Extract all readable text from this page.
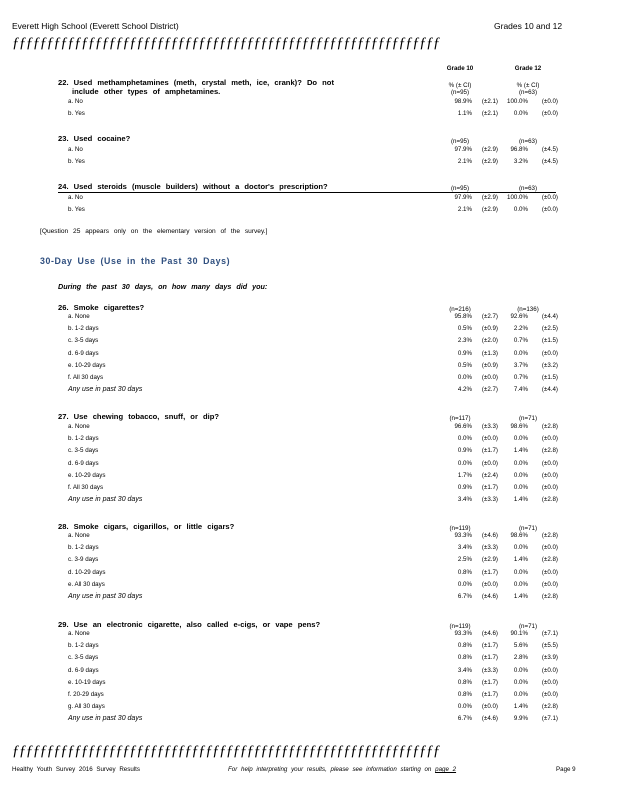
Everett High School (Everett School District)	Grades 10 and 12
ƒƒƒƒƒƒƒƒƒƒƒƒƒƒƒƒƒƒƒƒƒƒƒƒƒƒƒƒƒƒƒƒƒƒƒƒƒƒƒƒƒƒƒƒƒƒƒƒƒƒƒƒƒƒƒƒƒƒƒƒƒƒ
Grade 10	Grade 12
22. Used methamphetamines (meth, crystal meth, ice, crank)? Do not
include other types of amphetamines.
% (± CI)	% (± CI)
(n=95)	(n=63)
a. No	98.9%	(±2.1)	100.0%	(±0.0)
b. Yes	1.1%	(±2.1)	0.0%	(±0.0)
23. Used cocaine?	(n=95)	(n=63)
a. No	97.9%	(±2.9)	96.8%	(±4.5)
b. Yes	2.1%	(±2.9)	3.2%	(±4.5)
24. Used steroids (muscle builders) without a doctor's prescription?	(n=95)	(n=63)
a. No	97.9%	(±2.9)	100.0%	(±0.0)
b. Yes	2.1%	(±2.9)	0.0%	(±0.0)
[Question 25 appears only on the elementary version of the survey.]
30-Day Use (Use in the Past 30 Days)
During the past 30 days, on how many days did you:
26. Smoke cigarettes?	(n=216)	(n=136)
a. None	95.8%	(±2.7)	92.6%	(±4.4)
b. 1-2 days	0.5%	(±0.9)	2.2%	(±2.5)
c. 3-5 days	2.3%	(±2.0)	0.7%	(±1.5)
d. 6-9 days	0.9%	(±1.3)	0.0%	(±0.0)
e. 10-29 days	0.5%	(±0.9)	3.7%	(±3.2)
f. All 30 days	0.0%	(±0.0)	0.7%	(±1.5)
Any use in past 30 days	4.2%	(±2.7)	7.4%	(±4.4)
27. Use chewing tobacco, snuff, or dip?	(n=117)	(n=71)
a. None	96.6%	(±3.3)	98.6%	(±2.8)
b. 1-2 days	0.0%	(±0.0)	0.0%	(±0.0)
c. 3-5 days	0.9%	(±1.7)	1.4%	(±2.8)
d. 6-9 days	0.0%	(±0.0)	0.0%	(±0.0)
e. 10-29 days	1.7%	(±2.4)	0.0%	(±0.0)
f. All 30 days	0.9%	(±1.7)	0.0%	(±0.0)
Any use in past 30 days	3.4%	(±3.3)	1.4%	(±2.8)
28. Smoke cigars, cigarillos, or little cigars?	(n=119)	(n=71)
a. None	93.3%	(±4.6)	98.6%	(±2.8)
b. 1-2 days	3.4%	(±3.3)	0.0%	(±0.0)
c. 3-9 days	2.5%	(±2.9)	1.4%	(±2.8)
d. 10-29 days	0.8%	(±1.7)	0.0%	(±0.0)
e. All 30 days	0.0%	(±0.0)	0.0%	(±0.0)
Any use in past 30 days	6.7%	(±4.6)	1.4%	(±2.8)
29. Use an electronic cigarette, also called e-cigs, or vape pens?	(n=119)	(n=71)
a. None	93.3%	(±4.6)	90.1%	(±7.1)
b. 1-2 days	0.8%	(±1.7)	5.6%	(±5.5)
c. 3-5 days	0.8%	(±1.7)	2.8%	(±3.9)
d. 6-9 days	3.4%	(±3.3)	0.0%	(±0.0)
e. 10-19 days	0.8%	(±1.7)	0.0%	(±0.0)
f. 20-29 days	0.8%	(±1.7)	0.0%	(±0.0)
g. All 30 days	0.0%	(±0.0)	1.4%	(±2.8)
Any use in past 30 days	6.7%	(±4.6)	9.9%	(±7.1)
ƒƒƒƒƒƒƒƒƒƒƒƒƒƒƒƒƒƒƒƒƒƒƒƒƒƒƒƒƒƒƒƒƒƒƒƒƒƒƒƒƒƒƒƒƒƒƒƒƒƒƒƒƒƒƒƒƒƒƒƒƒƒ
Healthy Youth Survey 2016 Survey Results	For help interpreting your results, please see information starting on page 2	Page 9
